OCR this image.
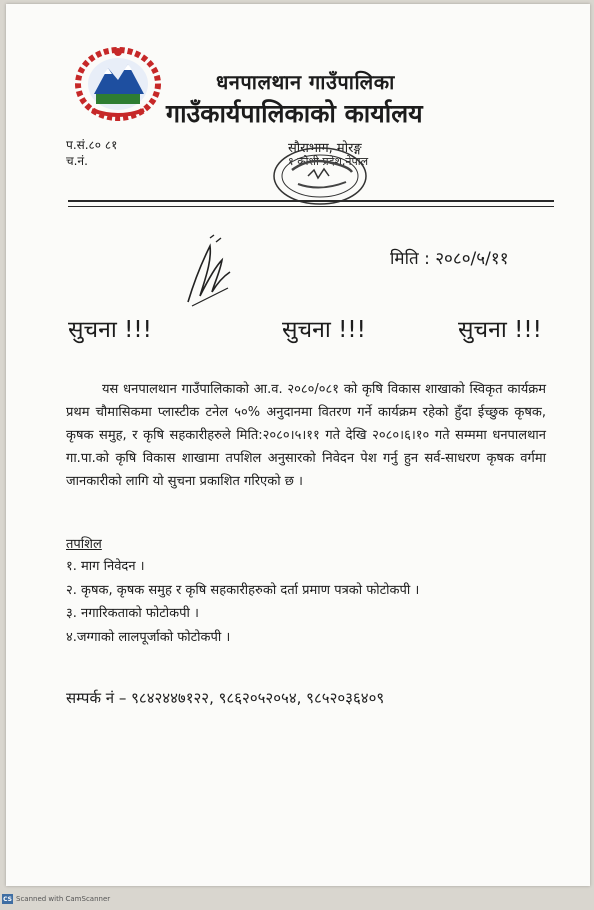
धनपालथान गाउँपालिका
गाउँकार्यपालिकाको कार्यालय
प.सं.८० ८१
च.नं.
सौराभाग, मोरङ्ग
१ कोशी प्रदेश,नेपाल
मिति : २०८०/५/११
सुचना !!!	सुचना !!!	सुचना !!!

यस धनपालथान गाउँपालिकाको आ.व. २०८०/०८१ को कृषि विकास शाखाको स्विकृत कार्यक्रम प्रथम चौमासिकमा प्लास्टीक टनेल ५०% अनुदानमा वितरण गर्ने कार्यक्रम रहेको हुँदा ईच्छुक कृषक, कृषक समुह, र कृषि सहकारीहरुले मिति:२०८०।५।११ गते देखि २०८०।६।१० गते सम्ममा धनपालथान गा.पा.को कृषि विकास शाखामा तपशिल अनुसारको निवेदन पेश गर्नु हुन सर्व-साधरण कृषक वर्गमा जानकारीको लागि यो सुचना प्रकाशित गरिएको छ ।

तपशिल
१. माग निवेदन ।
२. कृषक, कृषक समुह र कृषि सहकारीहरुको दर्ता प्रमाण पत्रको फोटोकपी ।
३. नगारिकताको फोटोकपी ।
४.जग्गाको लालपूर्जाको फोटोकपी ।
सम्पर्क नं – ९८४२४४७१२२, ९८६२०५२०५४, ९८५२०३६४०९
CS Scanned with CamScanner
